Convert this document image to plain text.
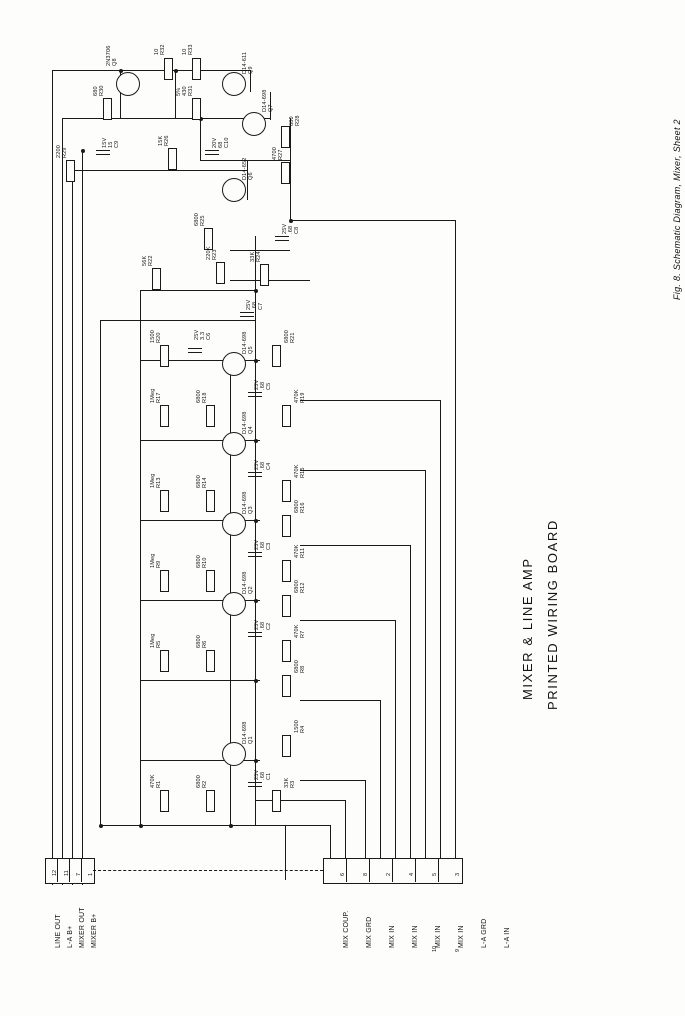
Fig. 8. Schematic Diagram, Mixer, Sheet 2
MIXER & LINE AMP PRINTED WIRING BOARD
Q8
2N3706
Q9
D14-611
Q7
D14-698
Q6
D14-652
R32
10	R33
10
R30
680	R31
430
5%
R26
15K
R27
4700
R28
680
R29
2200
C9
15
15V	C10
68
20V
R25
6800
C8
.68
25V
R22
56K
R23
220K	R24
33K
C7
.68
25V
Q5
D14-698
R20
1500	R21
6800
C6
3.3
25V
R17
1Meg	R18
6800	R19
470K
C5
.68
25V
Q4
D14-698
R13
1Meg	R14
6800
R15
470K
R16
6800
C4
.68
25V
Q3
D14-698
R9
1Meg	R10
6800
R11
470K
R12
6800
C3
.68
25V
Q2
D14-698
R5
1Meg	R6
6800
R7
470K
R8
6800
C2
.68
25V
Q1
D14-698	R4
1500
R1
470K	R2
6800	R3
33K
C1
.68
25V
12 11 7 1	6	8	2	4	5	3
10	9
LINE OUT L-A B+ MIXER OUT MIXER B+	MIX COUP. MIX GRD MIX IN MIX IN MIX IN MIX IN L-A GRD L-A IN
